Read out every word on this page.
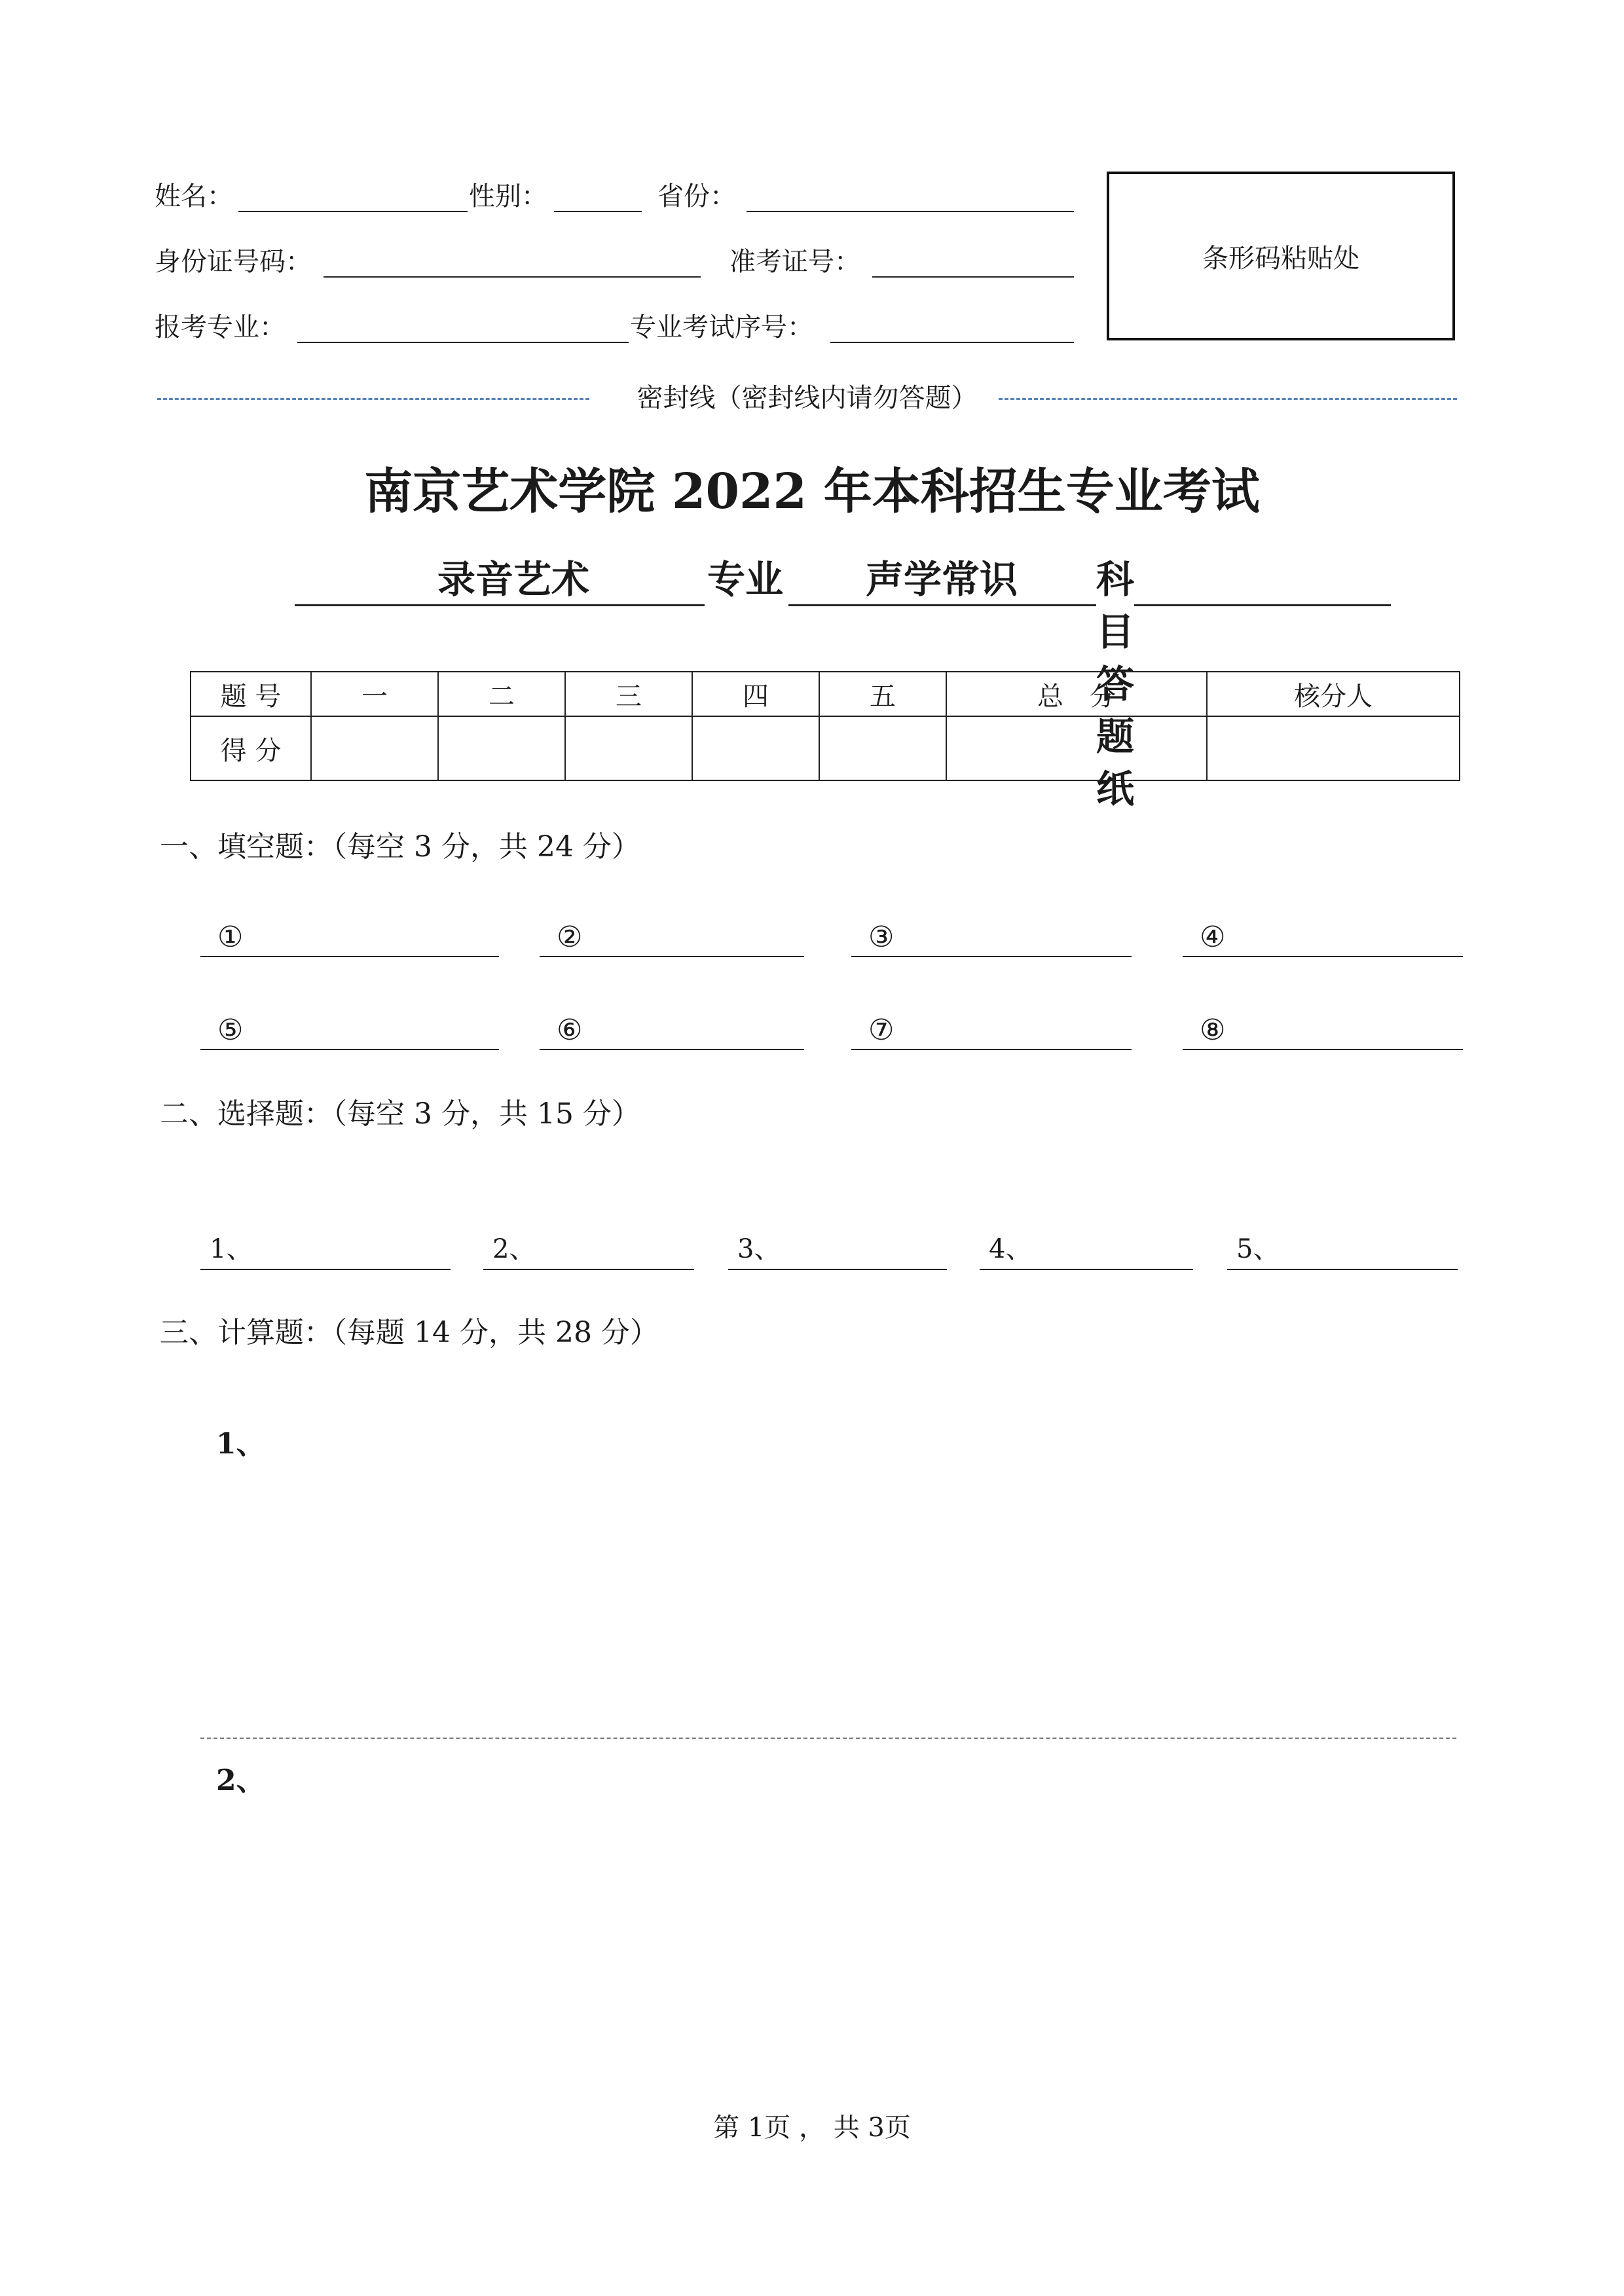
姓名：	性别：	省份：
身份证号码：	准考证号：
报考专业：	专业考试序号：
条形码粘贴处
密封线（密封线内请勿答题）
南京艺术学院 2022 年本科招生专业考试
录音艺术	专业 声学常识 科目答题纸
题 号	一	二	三	四	五	总　分	核分人
得 分							
一、填空题：（每空 3 分，共 24 分）
①	②	③	④
⑤	⑥	⑦	⑧
二、选择题：（每空 3 分，共 15 分）
1、	2、	3、	4、	5、
三、计算题：（每题 14 分，共 28 分）
1、
2、
第 1页 ， 共 3页
